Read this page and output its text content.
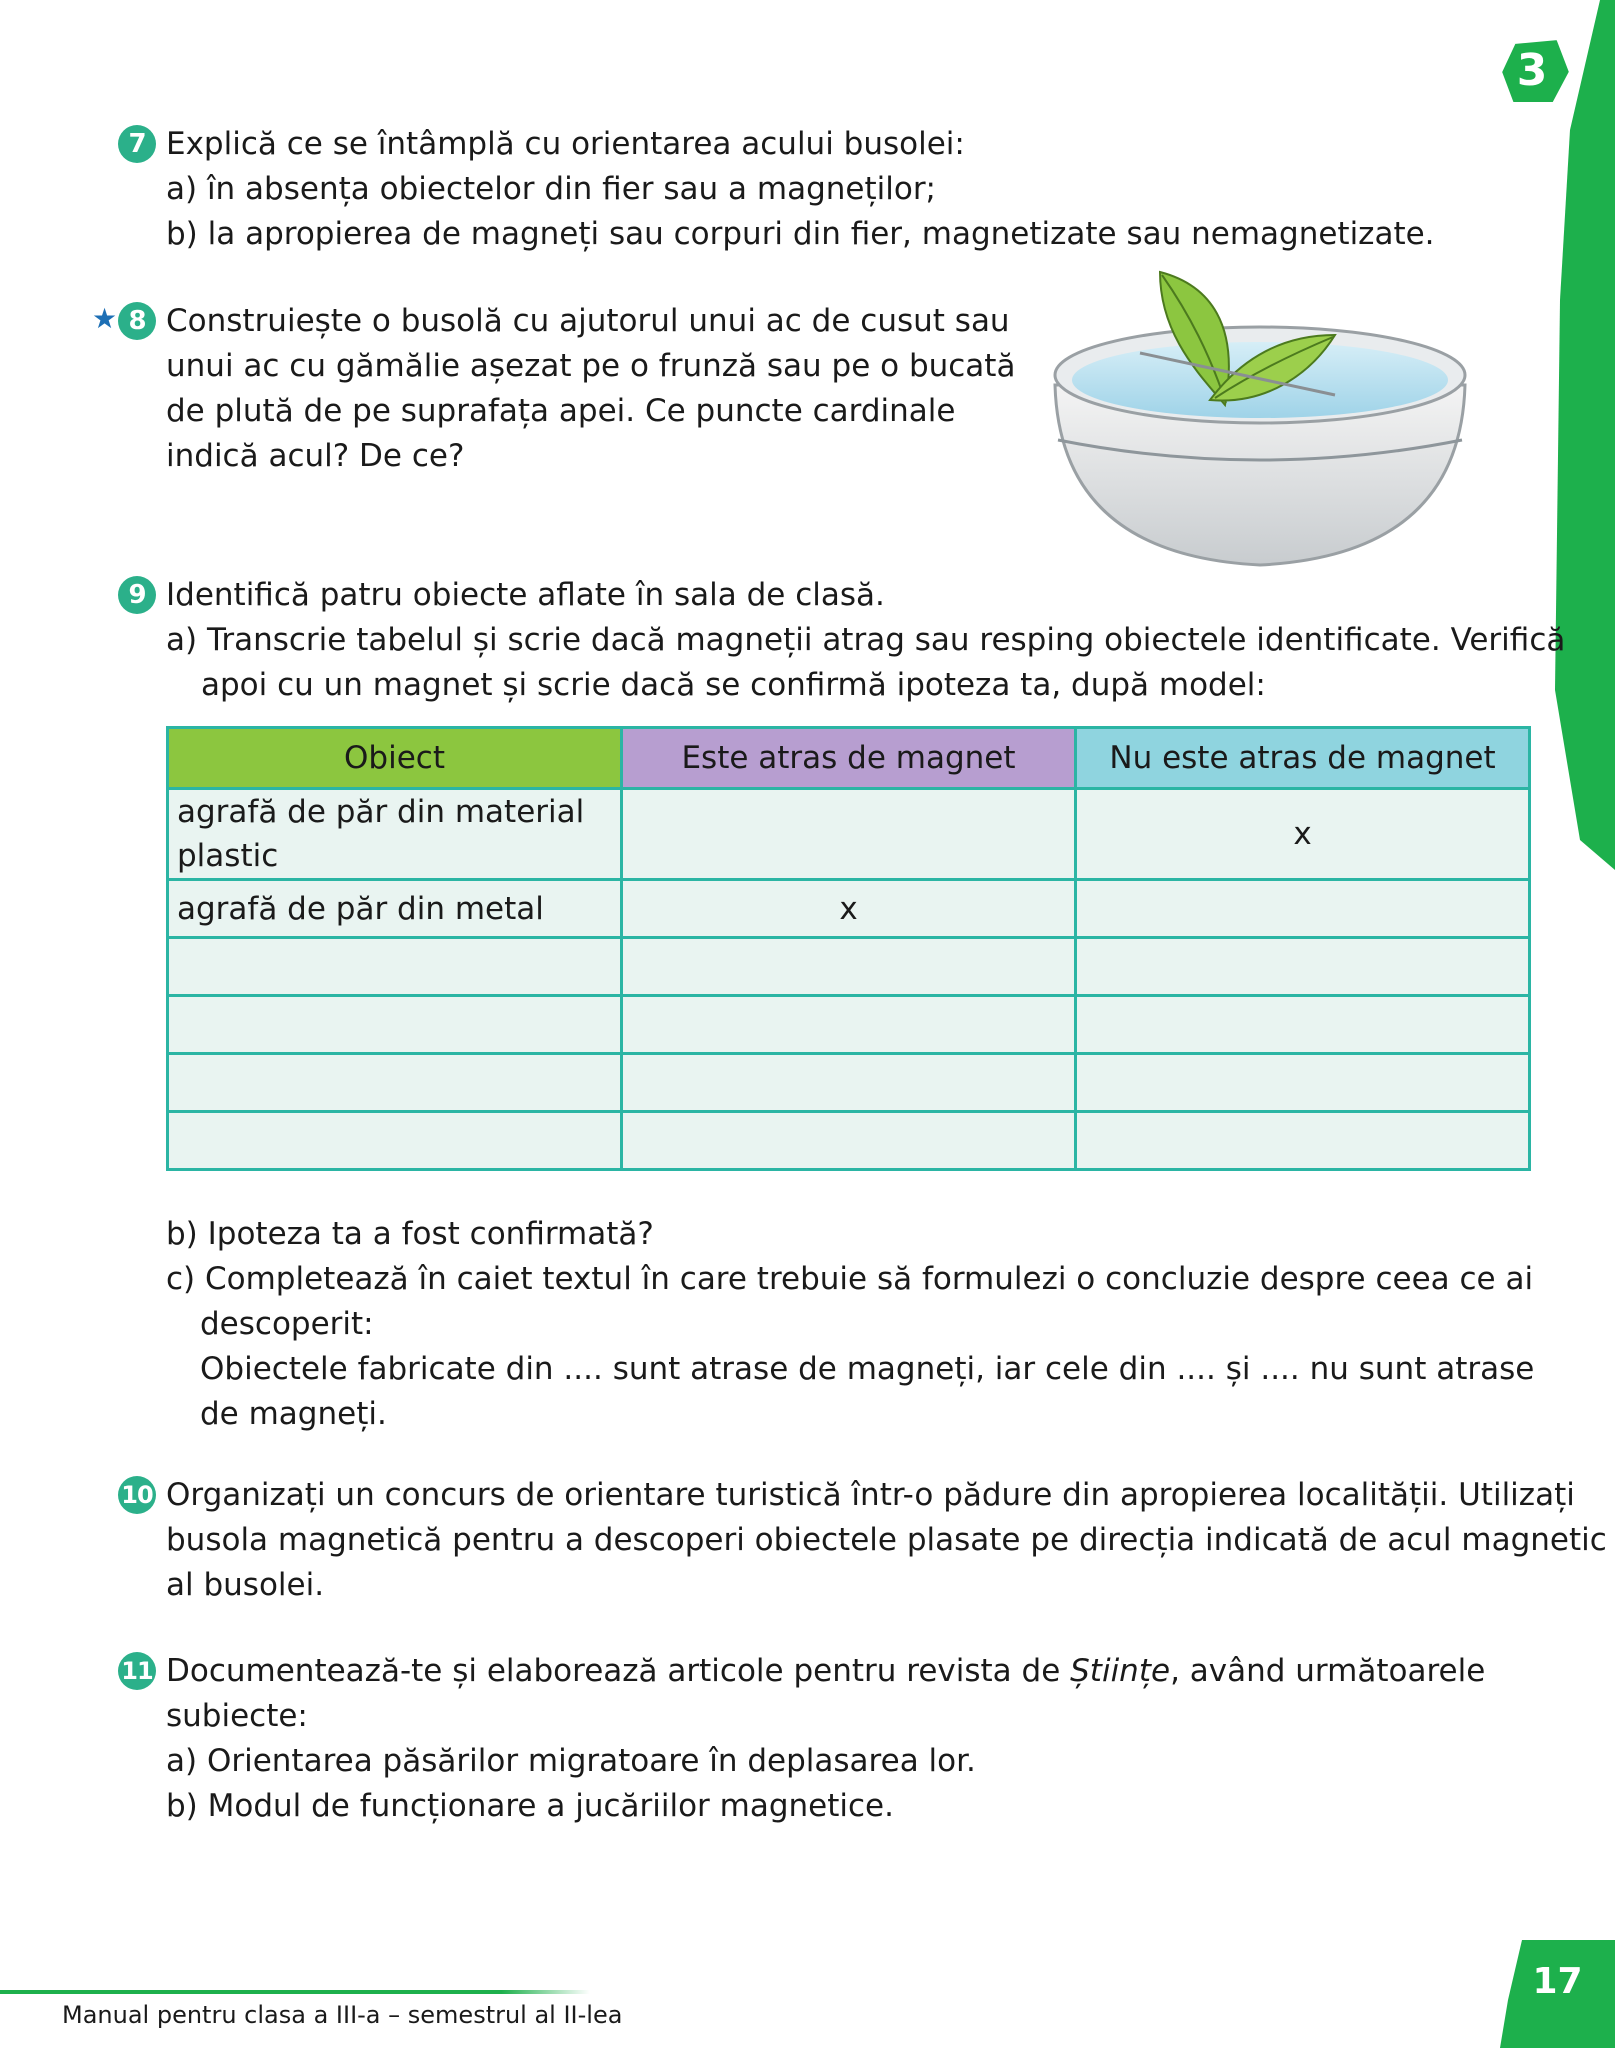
3
7 Explică ce se întâmplă cu orientarea acului busolei:
a) în absența obiectelor din fier sau a magneților;
b) la apropierea de magneți sau corpuri din fier, magnetizate sau nemagnetizate.
★ 8 Construiește o busolă cu ajutorul unui ac de cusut sau
unui ac cu gămălie așezat pe o frunză sau pe o bucată
de plută de pe suprafața apei. Ce puncte cardinale
indică acul? De ce?
9 Identifică patru obiecte aflate în sala de clasă.
a) Transcrie tabelul și scrie dacă magneții atrag sau resping obiectele identificate. Verifică
apoi cu un magnet și scrie dacă se confirmă ipoteza ta, după model:
Obiect	Este atras de magnet	Nu este atras de magnet

agrafă de păr din material
plastic		x
agrafă de păr din metal	x	

b) Ipoteza ta a fost confirmată?
c) Completează în caiet textul în care trebuie să formulezi o concluzie despre ceea ce ai
descoperit:
Obiectele fabricate din .... sunt atrase de magneți, iar cele din .... și .... nu sunt atrase
de magneți.
10 Organizați un concurs de orientare turistică într-o pădure din apropierea localității. Utilizați
busola magnetică pentru a descoperi obiectele plasate pe direcția indicată de acul magnetic
al busolei.
11 Documentează-te și elaborează articole pentru revista de Științe, având următoarele
subiecte:
a) Orientarea păsărilor migratoare în deplasarea lor.
b) Modul de funcționare a jucăriilor magnetice.
Manual pentru clasa a III-a – semestrul al II-lea
17
